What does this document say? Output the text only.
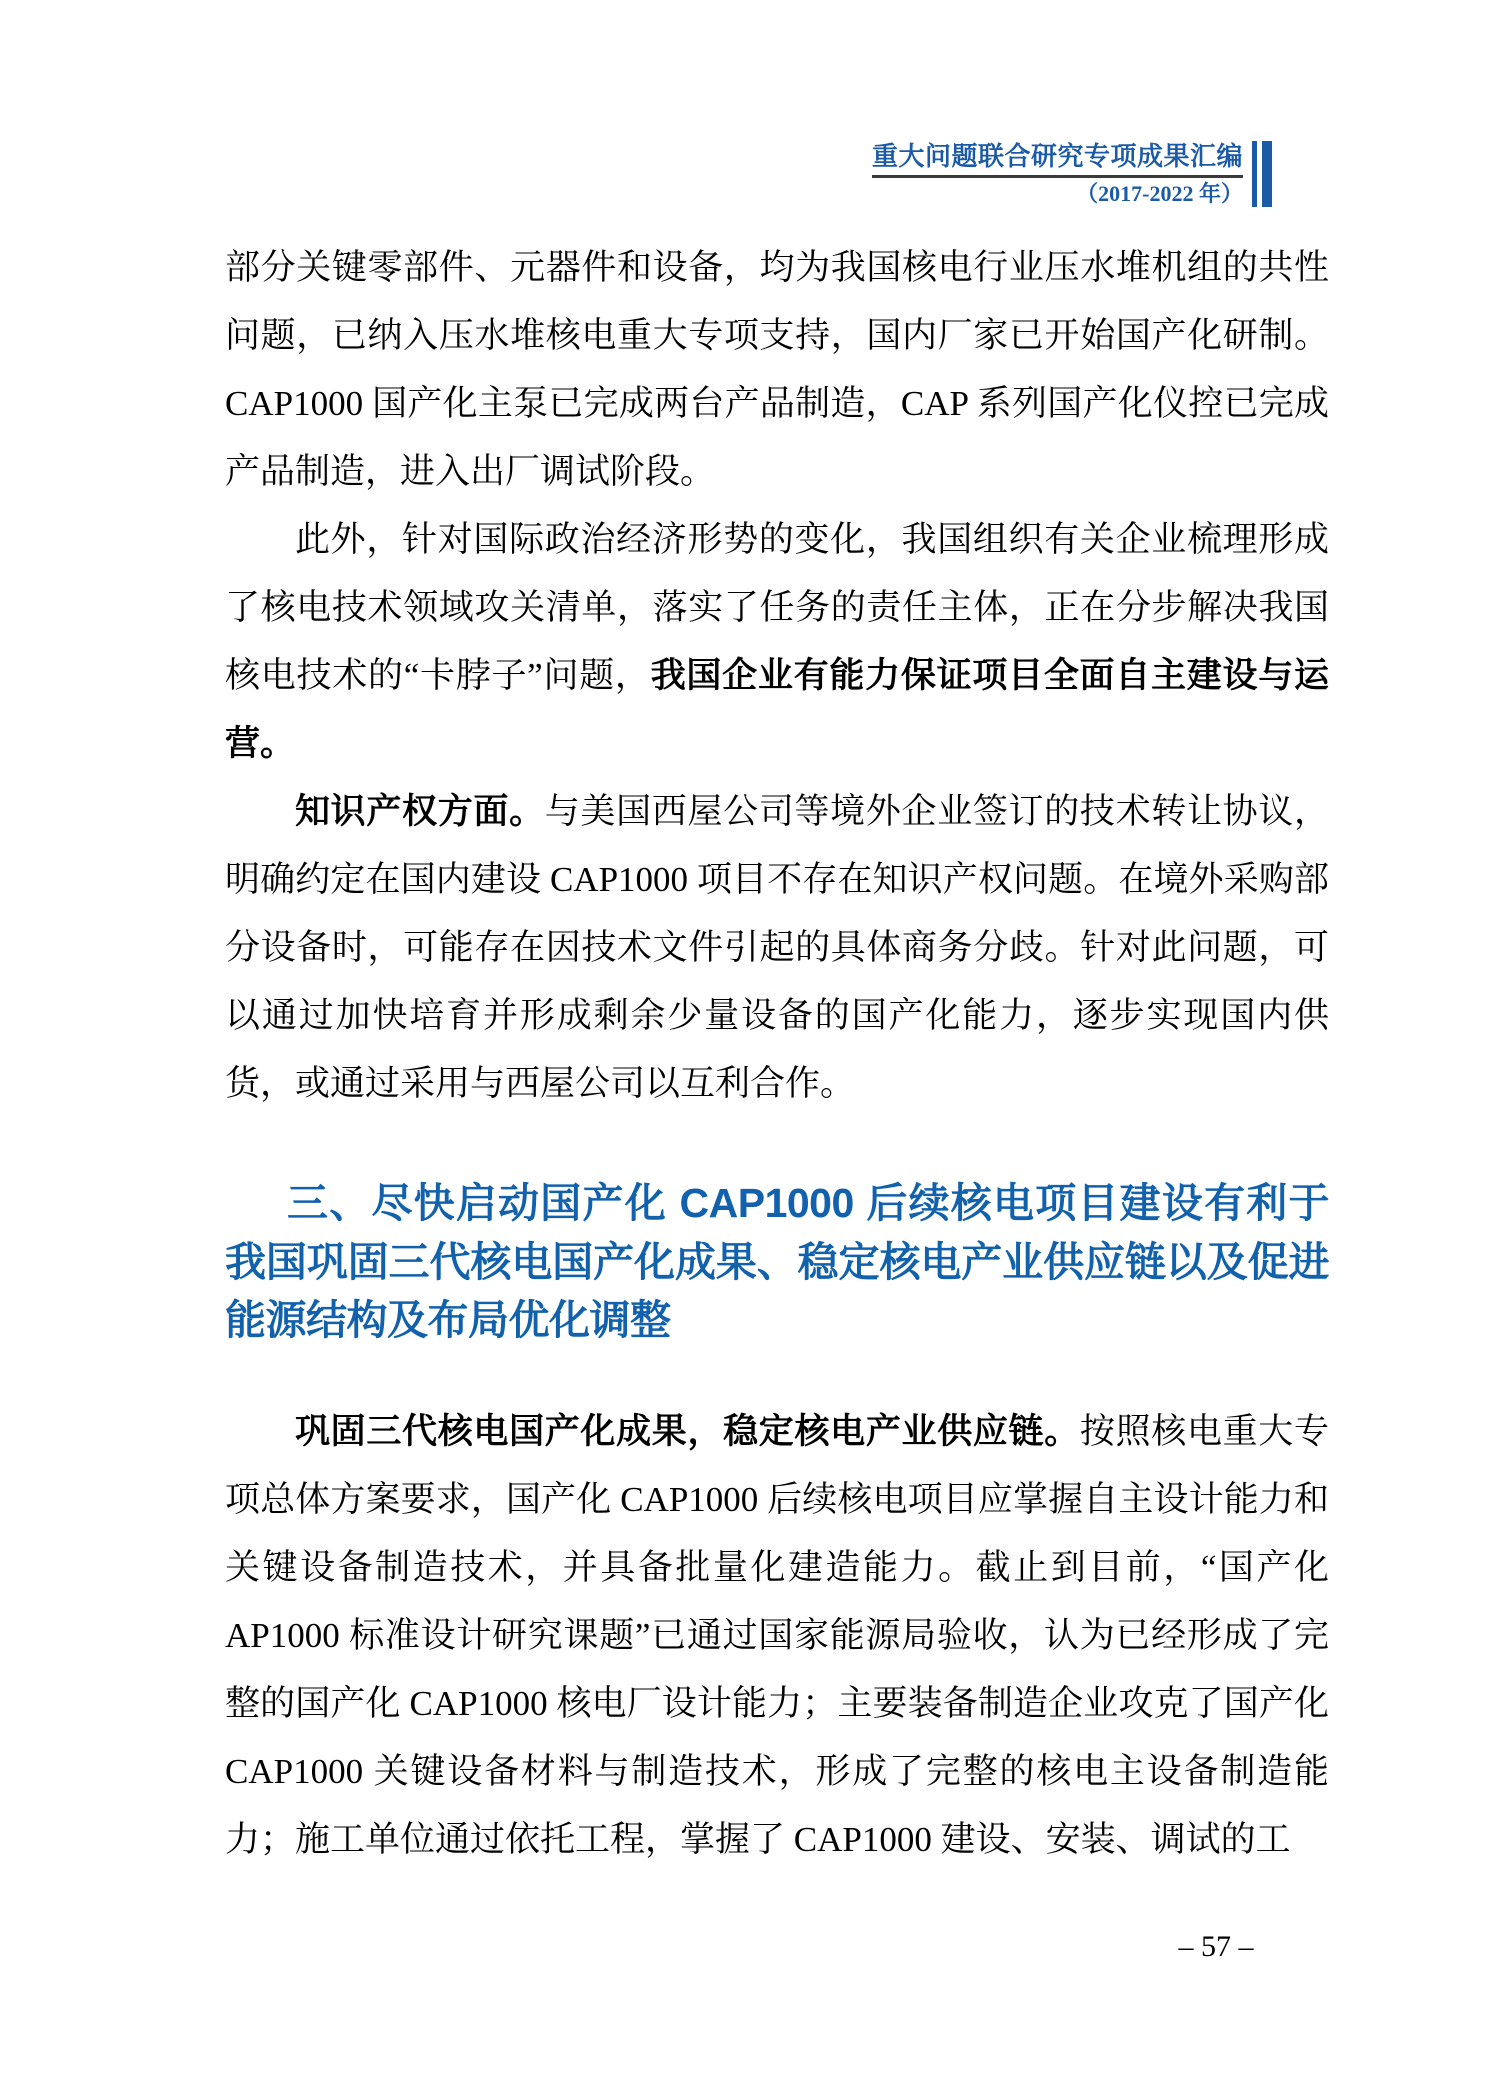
重大问题联合研究专项成果汇编
（2017-2022 年）

部分关键零部件、元器件和设备，均为我国核电行业压水堆机组的共性问题，已纳入压水堆核电重大专项支持，国内厂家已开始国产化研制。CAP1000 国产化主泵已完成两台产品制造，CAP 系列国产化仪控已完成产品制造，进入出厂调试阶段。

此外，针对国际政治经济形势的变化，我国组织有关企业梳理形成了核电技术领域攻关清单，落实了任务的责任主体，正在分步解决我国核电技术的“卡脖子”问题，我国企业有能力保证项目全面自主建设与运营。

知识产权方面。与美国西屋公司等境外企业签订的技术转让协议，明确约定在国内建设 CAP1000 项目不存在知识产权问题。在境外采购部分设备时，可能存在因技术文件引起的具体商务分歧。针对此问题，可以通过加快培育并形成剩余少量设备的国产化能力，逐步实现国内供货，或通过采用与西屋公司以互利合作。

三、尽快启动国产化 CAP1000 后续核电项目建设有利于
我国巩固三代核电国产化成果、稳定核电产业供应链以及促进
能源结构及布局优化调整

巩固三代核电国产化成果，稳定核电产业供应链。按照核电重大专项总体方案要求，国产化 CAP1000 后续核电项目应掌握自主设计能力和关键设备制造技术，并具备批量化建造能力。截止到目前，“国产化 AP1000 标准设计研究课题”已通过国家能源局验收，认为已经形成了完整的国产化 CAP1000 核电厂设计能力；主要装备制造企业攻克了国产化 CAP1000 关键设备材料与制造技术，形成了完整的核电主设备制造能力；施工单位通过依托工程，掌握了 CAP1000 建设、安装、调试的工

– 57 –
